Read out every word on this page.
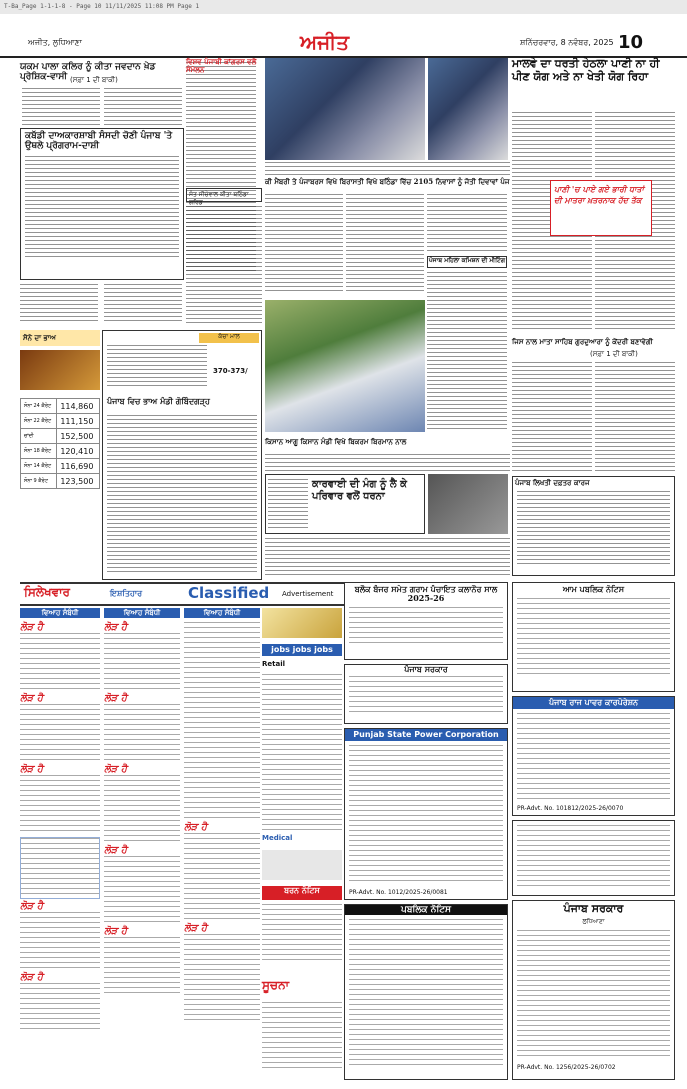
T-Ba_Page 1-1-1-8 - Page 10 11/11/2025 11:08 PM Page 1
ਅਜੀਤ, ਲੁਧਿਆਣਾ	ਅਜੀਤ	ਸ਼ਨਿੱਚਰਵਾਰ, 8 ਨਵੰਬਰ, 2025 10
ਯਕਮ ਪਾਲਾ ਕਲਿਰ ਨੂੰ ਕੀਤਾ ਜਵਦਾਨ ਖ਼ੇਡ ਪ੍ਰੇਸ਼ਿਕ-ਵਾਸੀ (ਸਫ਼ਾ 1 ਦੀ ਬਾਕੀ)
ਕਬੱਡੀ ਦਾਅਕਾਰਸ਼ਾਬੀ ਸੰਸਦੀ ਚੋਣੀ ਪੰਜਾਬ 'ਤੇ ਉਥਲੇ ਪ੍ਰੋਗਰਾਮ-ਦਾਸ਼ੀ
ਵਿਸ਼ਵ ਪੰਜਾਬੀ ਕਾਂਗਰਸ ਵਲੋਂ ਸੰਮੇਲਨ
ਸੰਤ ਸੀਚੇਵਾਲ ਕੀਤਾ ਬਠਿੰਡਾ ਗਰਿਡ
ਸੋਨੇ ਦਾ ਭਾਅ
ਸੋਨਾ 24 ਕੈਰੇਟ	114,860
ਸੋਨਾ 22 ਕੈਰੇਟ	111,150
ਚਾਂਦੀ	152,500
ਸੋਨਾ 18 ਕੈਰੇਟ	120,410
ਸੋਨਾ 14 ਕੈਰੇਟ	116,690
ਸੋਨਾ 9 ਕੈਰੇਟ	123,500
ਕੱਚਾ ਮਾਲ
370-373/
ਪੰਜਾਬ ਵਿਚ ਭਾਅ ਮੰਡੀ ਗੋਬਿੰਦਗੜ੍ਹ
ਕੀ ਮੈਂਬਰੀ ਤੇ ਪੰਜਾਬਰਸ ਵਿਖੇ ਬਿਰਾਸਤੀ ਵਿਖੇ ਬਠਿੰਡਾ ਵਿੱਚ 2105 ਨਿਵਾਸਾਂ ਨੂੰ ਜੋਤੀ ਦਿਵਾਵਾਂ ਪੰਜ
ਪੰਜਾਬ ਮਹਿਲਾ ਕਮਿਸ਼ਨ ਦੀ ਮੀਟਿੰਗ
ਕਿਸਾਨ ਆਗੂ ਕਿਸਾਨ ਮੰਡੀ ਵਿਖੇ ਬਿਕਰਮ ਬਿਰਮਾਨ ਨਾਲ
ਕਾਰਵਾਈ ਦੀ ਮੰਗ ਨੂੰ ਲੈ ਕੇ ਪਰਿਵਾਰ ਵਲੋਂ ਧਰਨਾ
ਮਾਲਵੇ ਦਾ ਧਰਤੀ ਹੇਠਲਾ ਪਾਣੀ ਨਾ ਹੀ ਪੀਣ ਯੋਗ ਅਤੇ ਨਾ ਖੇਤੀ ਯੋਗ ਰਿਹਾ
ਪਾਣੀ 'ਚ ਪਾਏ ਗਏ ਭਾਰੀ ਧਾਤਾਂ ਦੀ ਮਾਤਰਾ ਖ਼ਤਰਨਾਕ ਹੱਦ ਤੱਕ
ਜਿਸ ਨਾਲ ਮਾਤਾ ਸਾਹਿਬ ਗੁਰਦੁਆਰਾ ਨੂੰ ਕੇਂਦਰੀ ਬਣਾਵੇਗੀ
(ਸਫ਼ਾ 1 ਦੀ ਬਾਕੀ)
ਪੰਜਾਬ ਲਿਖਤੀ ਦਫ਼ਤਰ ਕਾਰਜ
ਸਿਲੇਖਵਾਰ	ਇਸ਼ਤਿਹਾਰ	Classified Advertisement
ਵਿਆਹ ਸੰਬੰਧੀ
ਲੋੜ ਹੈ
ਲੋੜ ਹੈ
ਲੋੜ ਹੈ
ਲੋੜ ਹੈ
ਲੋੜ ਹੈ
ਵਿਆਹ ਸੰਬੰਧੀ
ਲੋੜ ਹੈ
ਲੋੜ ਹੈ
ਲੋੜ ਹੈ
ਲੋੜ ਹੈ
ਲੋੜ ਹੈ
ਵਿਆਹ ਸੰਬੰਧੀ
ਲੋੜ ਹੈ
ਲੋੜ ਹੈ
jobs jobs jobs
Retail
Medical
ਬਰਨ ਨੋਟਿਸ
ਸੂਚਨਾ
ਬਲੌਕ ਬੰਜਰ ਸਮੇਤ ਗਰਾਮ ਪੰਚਾਇਤ ਕਲਾਨੌਰ ਸਾਲ 2025-26
ਪੰਜਾਬ ਸਰਕਾਰ
Punjab State Power Corporation
PR-Advt. No. 1012/2025-26/0081
ਪਬਲਿਕ ਨੋਟਿਸ
ਆਮ ਪਬਲਿਕ ਨੋਟਿਸ
ਪੰਜਾਬ ਰਾਜ ਪਾਵਰ ਕਾਰਪੋਰੇਸ਼ਨ
PR-Advt. No. 101812/2025-26/0070
ਪੰਜਾਬ ਸਰਕਾਰ
ਲੁਧਿਆਣਾ
PR-Advt. No. 1256/2025-26/0702
